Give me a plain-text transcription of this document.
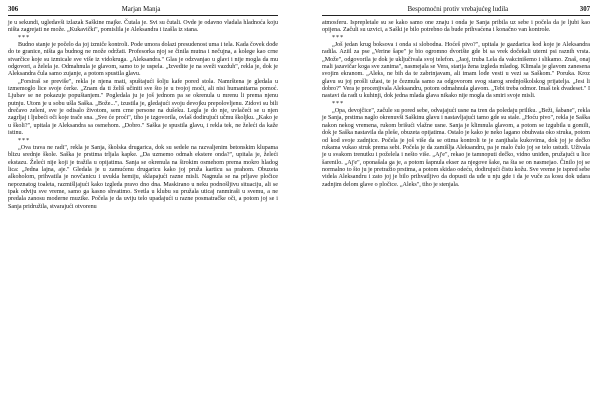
306	Marjan Manja

je u sekundi, ugledavši izlazak Saškine majke. Čutala je. Svi su čutali. Ovde je odavno vladala hladnoća koju ništa zagrejati ne može. „Kukavički", pomislila je Aleksandra i izašla iz stana.

***

Budno stanje je počelo da joj izmiče kontroli. Pode umora dolazi presudenost uma i tela. Kada čovek dođe do te granice, ništa ga budnog ne može održati. Profesorka njoj se činila mutna i nečujna, a kolege kao crne stvarčice koje su izmicale sve više iz vidokruga. „Aleksandra." Glas je odzvanjao u glavi i nije mogla da mu odgovori, a želela je. Odmahnula je glavom, samo to je uspela. „Izvedite je na sveži vazduh", rekla je, dok je Aleksandra čula samo zujanje, a potom spustila glavu.

„Forsiraš se previše", rekla je njena mati, spuštajući šolju kafe pored stola. Namrštena je gledala u izmemoglo lice svoje ćerke. „Znam da ti želiš učiniti sve što je u tvojoj moći, ali nisi humanitarna pomoć. Ljubav se ne pokazuje popuštanjem." Pogledala ju je još jednom pa se okrenula u mrenu li prema njenu putnju. Utom je u sobu ušla Saška. „Bože...", izustila je, gledajući svoju devojku prepolovljenu. Zidovi su bili drečavo zeleni, sve je odisalo životom, sem crne persone na dušeku. Legla je do nje, uvlačeći se u njen zagrljaj i ljubeći oči koje trače sna. „Sve će proći", tiho je izgovorila, ovlaš dodirujući učmu školjku. „Kako je u školi?", upitala je Aleksandra sa osmehom. „Dobro." Saška je spustila glavu, i rekla tek, ne želeći da kaže istinu.

***

„Ova trava ne radi", rekla je Sanja, školska drugarica, dok su sedele na razvaljenim betonskim klupama blizu srednje škole. Saška je prstima trljala kapke. „Da uzmemo odmah ekstere onda?", upitala je, želeći ekstazu. Želeći nije koji je tražila u opijatima. Sanja se okrenula na širokim osmehom prema mokro hladog lica: „Jedna lajna, aje." Gledala je u zamućenu drugaricu kako joj pruža karticu sa prahom. Obuzeta alkoholom, prihvatila je novčanicu i uvukla hemiju, sklapajući razne misli. Nagnula se na prljave pločice nepoznatog toaleta, razmišljajući kako izgleda pravo dno dna. Maskirano u neku podnošljivu situaciju, ali se ipak odviju sve vreme, samo ga kasno shvatimo. Svetla u klubu su pružala uticaj ranmiraši u svemu, a ne predala zanosu moderne muzike. Počela je da uviju telo upadajući u razne posmatračke oči, a potom joj se i Sanja pridružila, stvarajući otvorenu

Bespomoćni protiv vrebajućeg ludila	307

atmosferu. Isprepletale su se kako samo one znaju i onda je Sanja pribila uz sebe i počela da je ljubi kao opijena. Začuli su uzvici, a Saški je bilo potrebno da bude prihvaćena i konačno van kontrole.

***

„Još jedan krug boksova i onda si slobodna. Hoćeš pivo?", upitala je gazdarica kod koje je Aleksandra radila. Aziil za pse „Verine šape" je bio ogromno dvorište gde bi sa vrek dočekali uterni psi raznih vrsta. „Može", odgovorila je dok je uključivala svoj telefon. „Jaoj, truba Lela da vakcinišemo i slikamo. Znaš, onaj mali jazavičar koga sve zanima", nasmejala se Vera, starija žena izgleda mladog. Klimala je glavom zanesena svojim ekranom. „Aleks, ne bih da te zabrinjavam, ali imam lođe vesti u vezi sa Saškom." Poruka. Kroz glavu su joj prošli užasi, te je čezmula samo za odgovorom svog starog srednjoškolskog prijatelja. „Jesi li dobro?" Vera je procenjivala Aleksandru, potom odmahnula glavom. „Tebi treba odmor. Imaš tek dvadeset." I nastavi da radi u kuhinji, dok jedna mlada glava nikako nije mogla da smiri svoje misli.

***

„Opa, devojčice", začule su pored sebe, odvajajući usne na tren da poledaju priliku. „Beži, šabane", rekla je Sanja, prstima naglo okrenuvši Saškinu glavu i nastavljajući tamo gde su stale. „Hoću pivo", rekla je Saška nakon nekog vremena, rukom brišući vlažne usne. Sanja je klimnula glavom, a potom se izgubila u gomili, dok je Saška nastavila da pleše, obuzeta opijatima. Ostalo je kako je neko lagano obuhvata oko struka, potom od kod svoje zadnjice. Počela je još više da se otima kontroli te je zanjihala kukovima, dok joj je dečko rukama vukao struk prema sebi. Počela je da zamišlja Aleksandru, pa je malo čulo joj se telo ustudi. Uživala je u svakom trenutku i poželela i nešto više. „Aj'e", rekao je tamnoputi dečko, vidno uniđen, pružajući u lice šarenilo. „Aj'e", oponašala ga je, a potom šapnula ekser za njegove šake, na šta se on nasmejao. Činilo joj se normalno to što ju je pretražio prstima, a potom skidao odeću, dodirujući čistu kožu. Sve vreme je ispred sebe videla Aleksandru i zato joj je bilo prihvatljivo da dopusti da uđe u nju gde i da je vuče za kosu dok udara zadnjim delom glave o pločice. „Aleks", tiho je stenjala.
